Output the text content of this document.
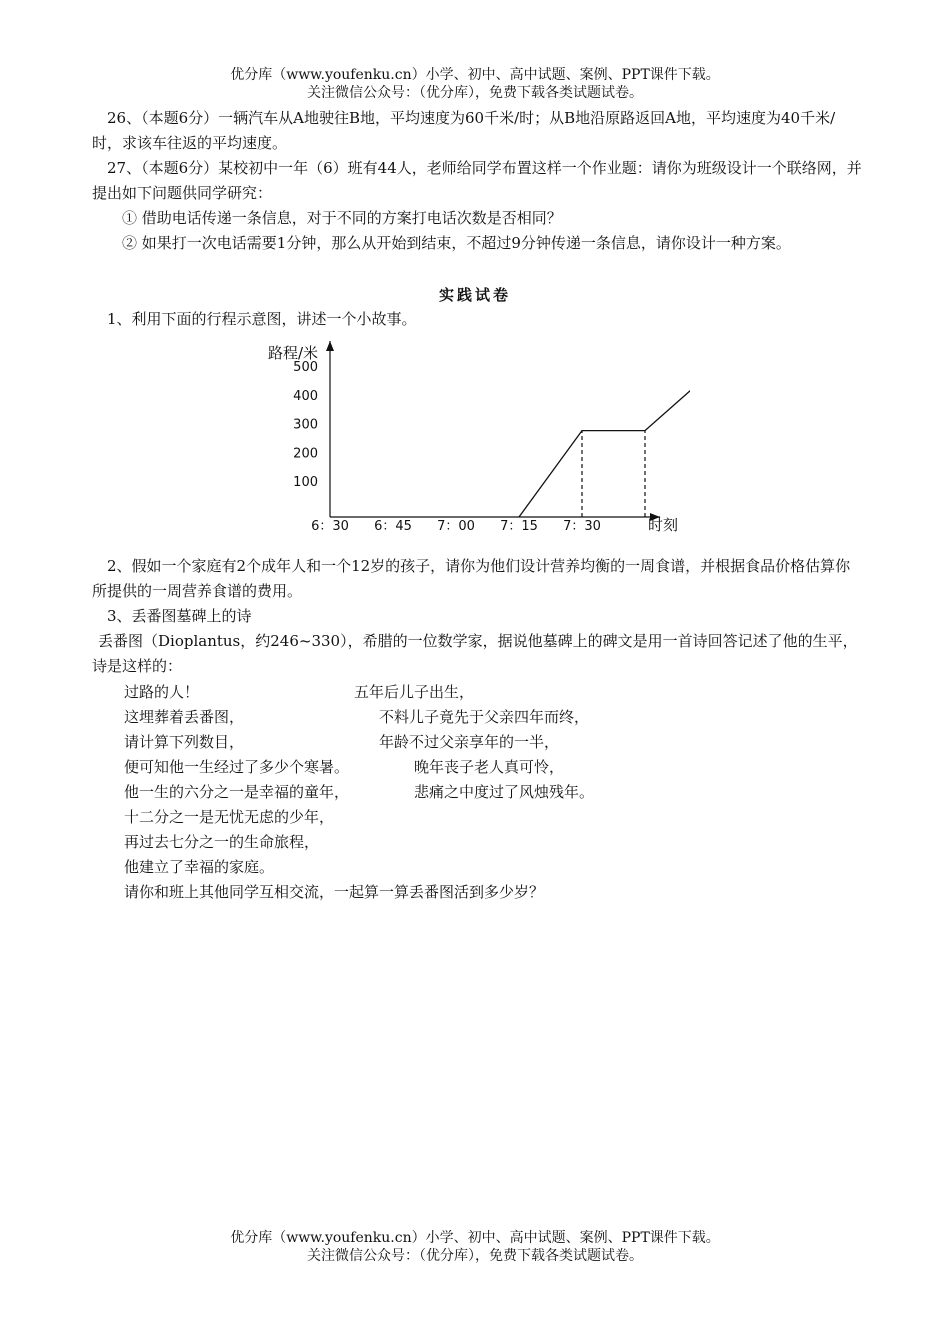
优分库（www.youfenku.cn）小学、初中、高中试题、案例、PPT课件下载。
关注微信公众号：（优分库），免费下载各类试题试卷。

26、（本题6分）一辆汽车从A地驶往B地，平均速度为60千米/时；从B地沿原路返回A地，平均速度为40千米/时，求该车往返的平均速度。

27、（本题6分）某校初中一年（6）班有44人，老师给同学布置这样一个作业题：请你为班级设计一个联络网，并提出如下问题供同学研究：

① 借助电话传递一条信息，对于不同的方案打电话次数是否相同？

② 如果打一次电话需要1分钟，那么从开始到结束，不超过9分钟传递一条信息，请你设计一种方案。

实践试卷

1、利用下面的行程示意图，讲述一个小故事。

路程/米
时刻
100
200
300
400
500
6：30 6：45 7：00 7：15 7：30

2、假如一个家庭有2个成年人和一个12岁的孩子，请你为他们设计营养均衡的一周食谱，并根据食品价格估算你所提供的一周营养食谱的费用。

3、丢番图墓碑上的诗

丢番图（Dioplantus，约246~330），希腊的一位数学家，据说他墓碑上的碑文是用一首诗回答记述了他的生平，诗是这样的：

过路的人！	五年后儿子出生，
这埋葬着丢番图，	不料儿子竟先于父亲四年而终，
请计算下列数目，	年龄不过父亲享年的一半，
便可知他一生经过了多少个寒暑。	晚年丧子老人真可怜，
他一生的六分之一是幸福的童年，	悲痛之中度过了风烛残年。
十二分之一是无忧无虑的少年，
再过去七分之一的生命旅程，
他建立了幸福的家庭。
请你和班上其他同学互相交流，一起算一算丢番图活到多少岁？
优分库（www.youfenku.cn）小学、初中、高中试题、案例、PPT课件下载。
关注微信公众号：（优分库），免费下载各类试题试卷。
